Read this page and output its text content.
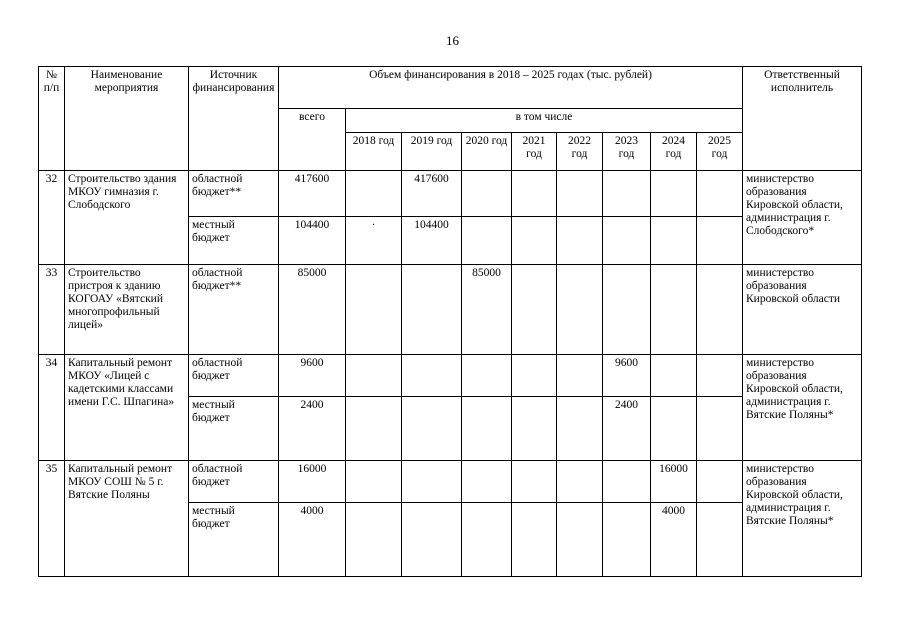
16
№ п/п	Наименование мероприятия	Источник финансирования	Объем финансирования в 2018 – 2025 годах (тыс. рублей)									Ответственный исполнитель
			всего	в том числе								
				2018 год	2019 год	2020 год	2021 год	2022 год	2023 год	2024 год	2025 год	
32	Строительство здания МКОУ гимназия г. Слободского	областной бюджет**	417600		417600							министерство образования Кировской области, администрация г. Слободского*
		местный бюджет	104400	·	104400							
33	Строительство пристроя к зданию КОГОАУ «Вятский многопрофильный лицей»	областной бюджет**	85000			85000						министерство образования Кировской области
34	Капитальный ремонт МКОУ «Лицей с кадетскими классами имени Г.С. Шпагина»	областной бюджет	9600						9600			министерство образования Кировской области, администрация г. Вятские Поляны*
		местный бюджет	2400						2400			
35	Капитальный ремонт МКОУ СОШ № 5 г. Вятские Поляны	областной бюджет	16000							16000		министерство образования Кировской области, администрация г. Вятские Поляны*
		местный бюджет	4000							4000		
